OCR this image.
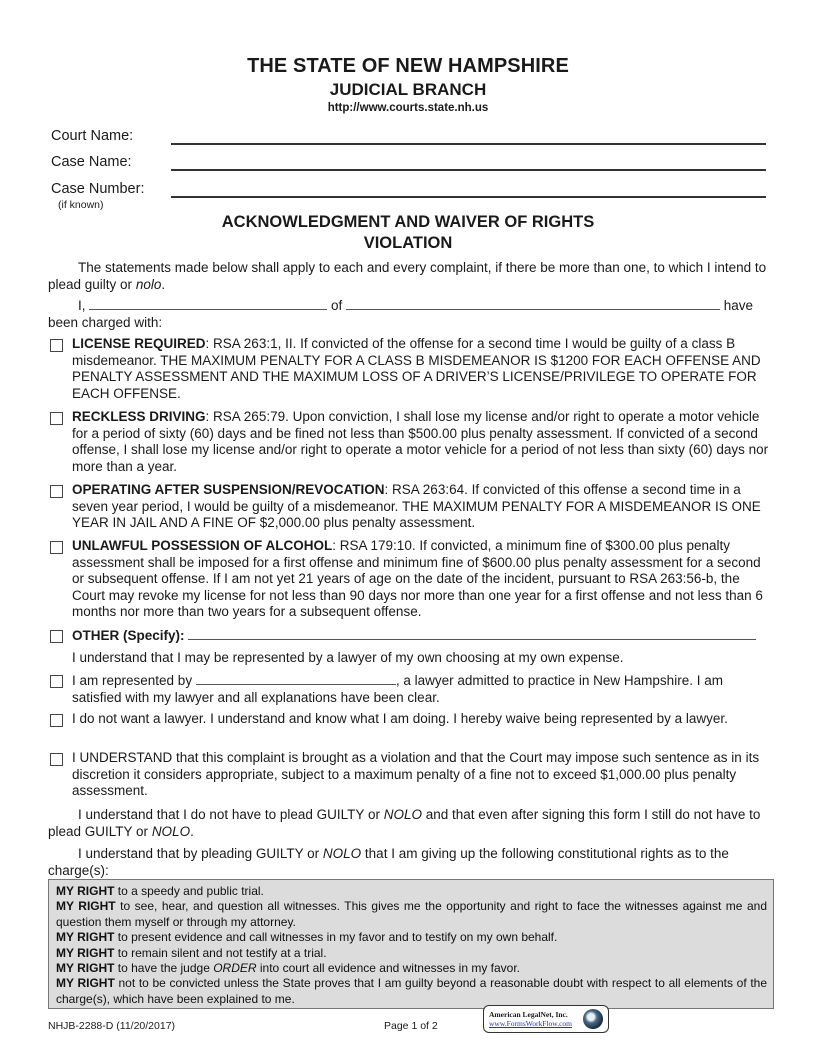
THE STATE OF NEW HAMPSHIRE
JUDICIAL BRANCH
http://www.courts.state.nh.us
Court Name:
Case Name:
Case Number:
(if known)
ACKNOWLEDGMENT AND WAIVER OF RIGHTS
VIOLATION
The statements made below shall apply to each and every complaint, if there be more than one, to which I intend to plead guilty or nolo.
I,	of	have been charged with:
LICENSE REQUIRED: RSA 263:1, II. If convicted of the offense for a second time I would be guilty of a class B misdemeanor. THE MAXIMUM PENALTY FOR A CLASS B MISDEMEANOR IS $1200 FOR EACH OFFENSE AND PENALTY ASSESSMENT AND THE MAXIMUM LOSS OF A DRIVER’S LICENSE/PRIVILEGE TO OPERATE FOR EACH OFFENSE.
RECKLESS DRIVING: RSA 265:79. Upon conviction, I shall lose my license and/or right to operate a motor vehicle for a period of sixty (60) days and be fined not less than $500.00 plus penalty assessment. If convicted of a second offense, I shall lose my license and/or right to operate a motor vehicle for a period of not less than sixty (60) days nor more than a year.
OPERATING AFTER SUSPENSION/REVOCATION: RSA 263:64. If convicted of this offense a second time in a seven year period, I would be guilty of a misdemeanor. THE MAXIMUM PENALTY FOR A MISDEMEANOR IS ONE YEAR IN JAIL AND A FINE OF $2,000.00 plus penalty assessment.
UNLAWFUL POSSESSION OF ALCOHOL: RSA 179:10. If convicted, a minimum fine of $300.00 plus penalty assessment shall be imposed for a first offense and minimum fine of $600.00 plus penalty assessment for a second or subsequent offense. If I am not yet 21 years of age on the date of the incident, pursuant to RSA 263:56-b, the Court may revoke my license for not less than 90 days nor more than one year for a first offense and not less than 6 months nor more than two years for a subsequent offense.
OTHER (Specify):
I understand that I may be represented by a lawyer of my own choosing at my own expense.
I am represented by	, a lawyer admitted to practice in New Hampshire. I am satisfied with my lawyer and all explanations have been clear.
I do not want a lawyer. I understand and know what I am doing. I hereby waive being represented by a lawyer.
I UNDERSTAND that this complaint is brought as a violation and that the Court may impose such sentence as in its discretion it considers appropriate, subject to a maximum penalty of a fine not to exceed $1,000.00 plus penalty assessment.
I understand that I do not have to plead GUILTY or NOLO and that even after signing this form I still do not have to plead GUILTY or NOLO.
I understand that by pleading GUILTY or NOLO that I am giving up the following constitutional rights as to the charge(s):
MY RIGHT to a speedy and public trial.
MY RIGHT to see, hear, and question all witnesses. This gives me the opportunity and right to face the witnesses against me and question them myself or through my attorney.
MY RIGHT to present evidence and call witnesses in my favor and to testify on my own behalf.
MY RIGHT to remain silent and not testify at a trial.
MY RIGHT to have the judge ORDER into court all evidence and witnesses in my favor.
MY RIGHT not to be convicted unless the State proves that I am guilty beyond a reasonable doubt with respect to all elements of the charge(s), which have been explained to me.
NHJB-2288-D (11/20/2017)	Page 1 of 2
American LegalNet, Inc.
www.FormsWorkFlow.com
